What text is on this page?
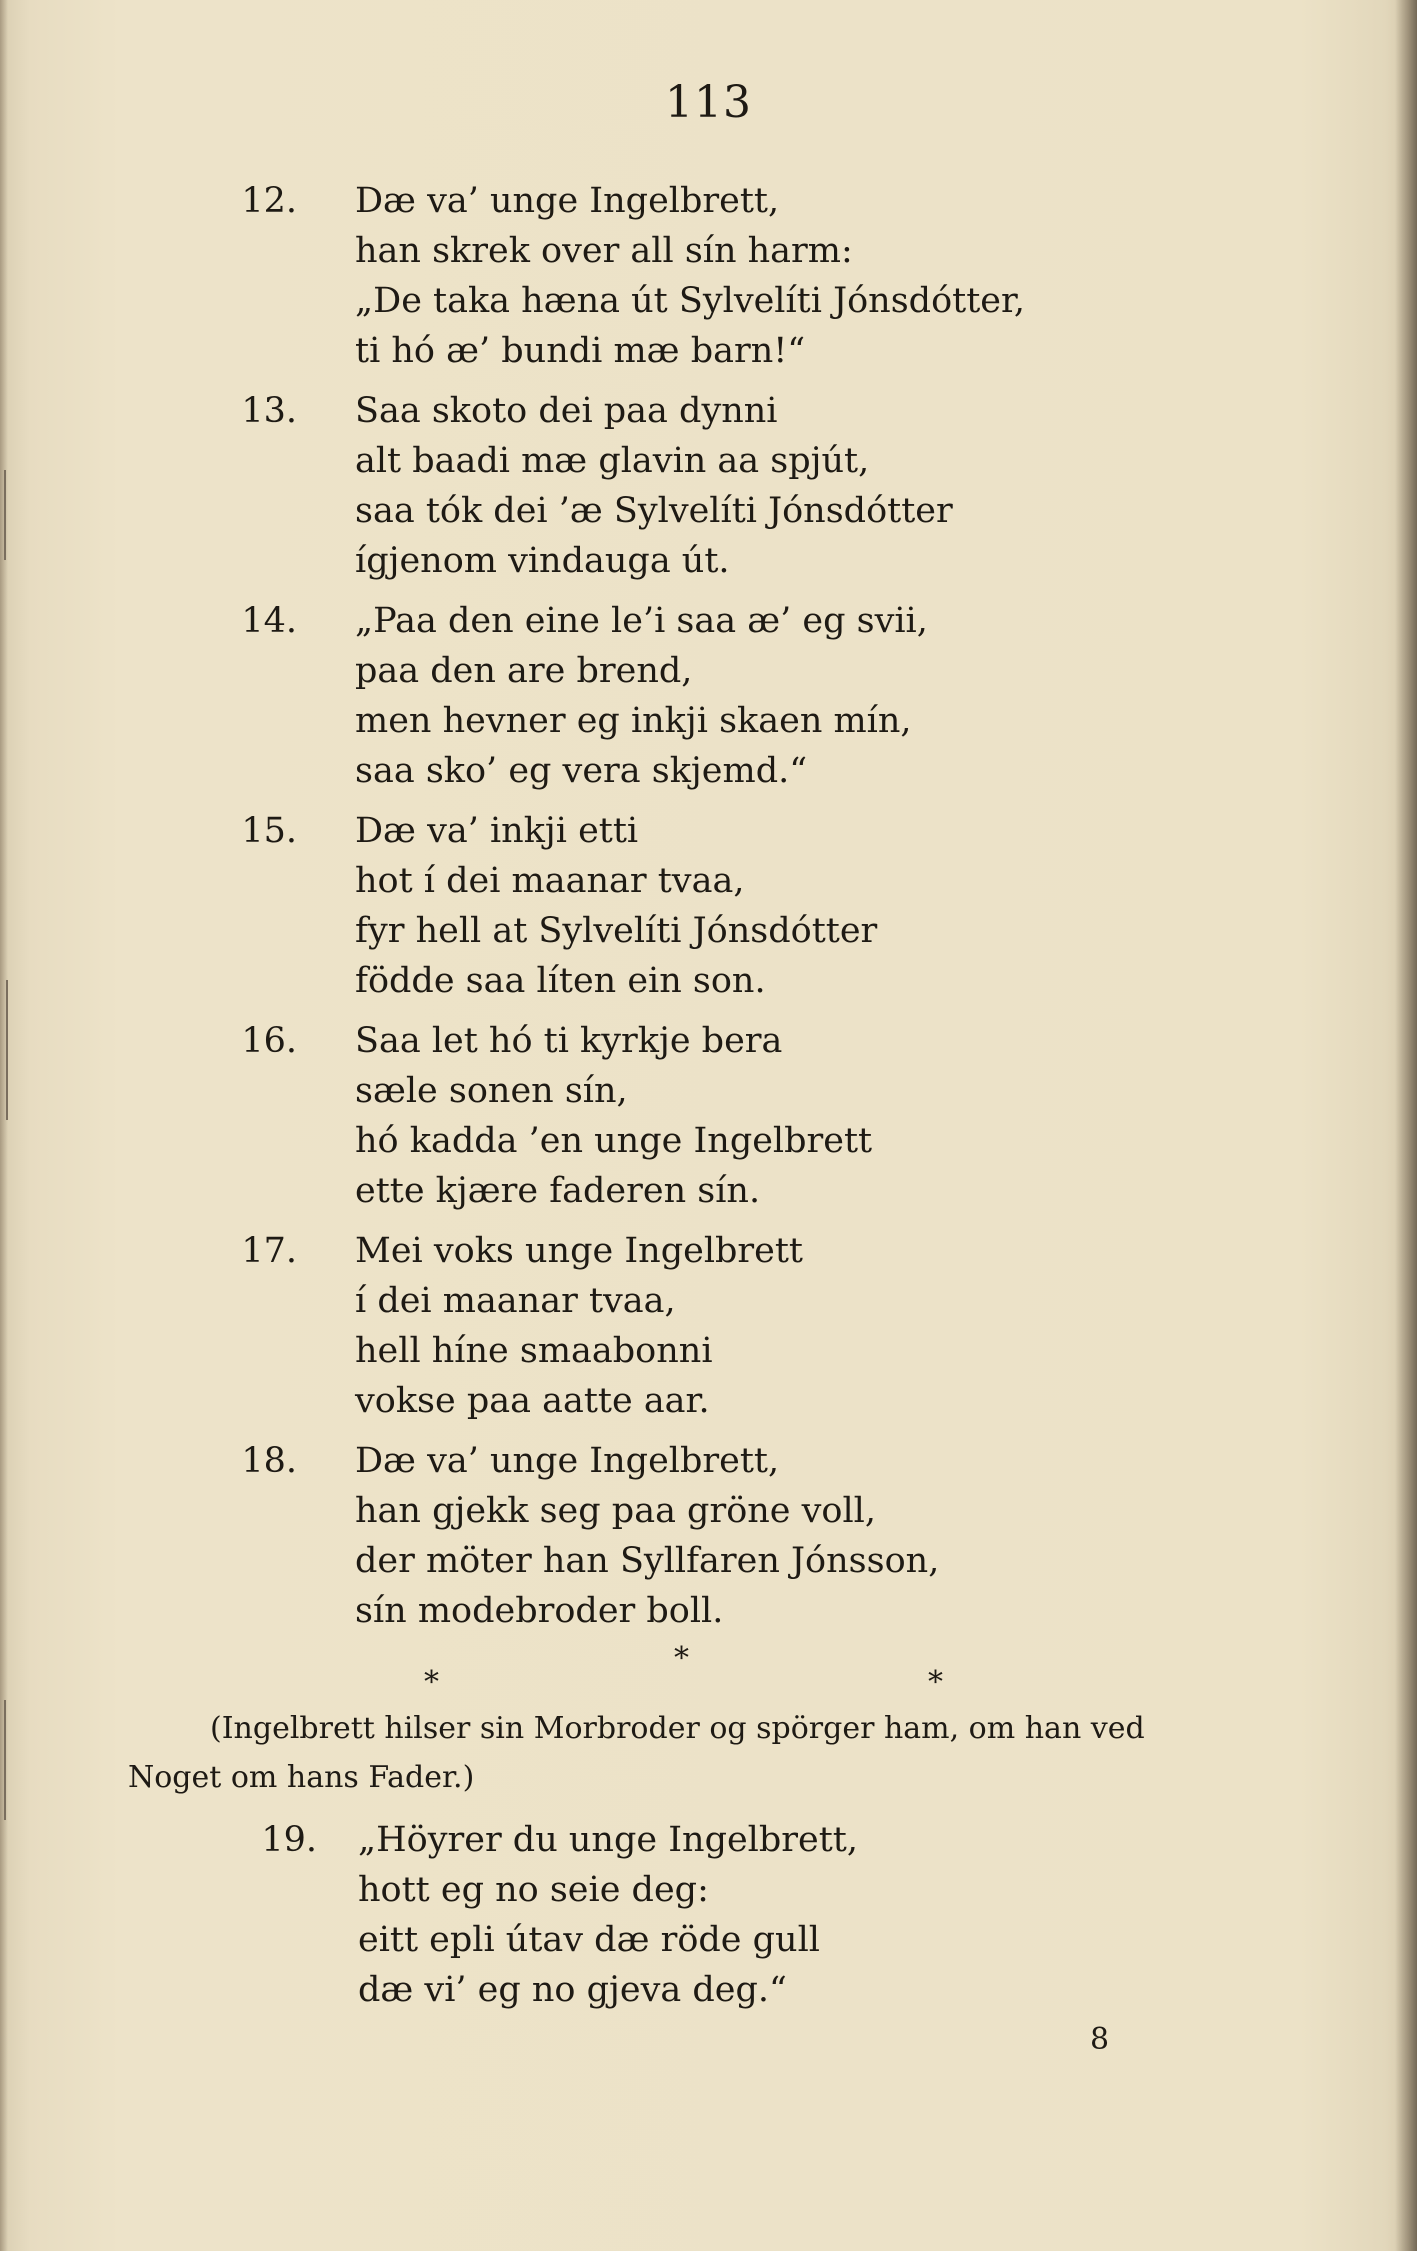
113
12. Dæ va’ unge Ingelbrett,
han skrek over all sín harm:
„De taka hæna út Sylvelíti Jónsdótter,
ti hó æ’ bundi mæ barn!“
13. Saa skoto dei paa dynni
alt baadi mæ glavin aa spjút,
saa tók dei ’æ Sylvelíti Jónsdótter
ígjenom vindauga út.
14. „Paa den eine le’i saa æ’ eg svii,
paa den are brend,
men hevner eg inkji skaen mín,
saa sko’ eg vera skjemd.“
15. Dæ va’ inkji etti
hot í dei maanar tvaa,
fyr hell at Sylvelíti Jónsdótter
födde saa líten ein son.
16. Saa let hó ti kyrkje bera
sæle sonen sín,
hó kadda ’en unge Ingelbrett
ette kjære faderen sín.
17. Mei voks unge Ingelbrett
í dei maanar tvaa,
hell híne smaabonni
vokse paa aatte aar.
18. Dæ va’ unge Ingelbrett,
han gjekk seg paa gröne voll,
der möter han Syllfaren Jónsson,
sín modebroder boll.
*
*	*
(Ingelbrett hilser sin Morbroder og spörger ham, om han ved
Noget om hans Fader.)
19. „Höyrer du unge Ingelbrett,
hott eg no seie deg:
eitt epli útav dæ röde gull
dæ vi’ eg no gjeva deg.“
8
